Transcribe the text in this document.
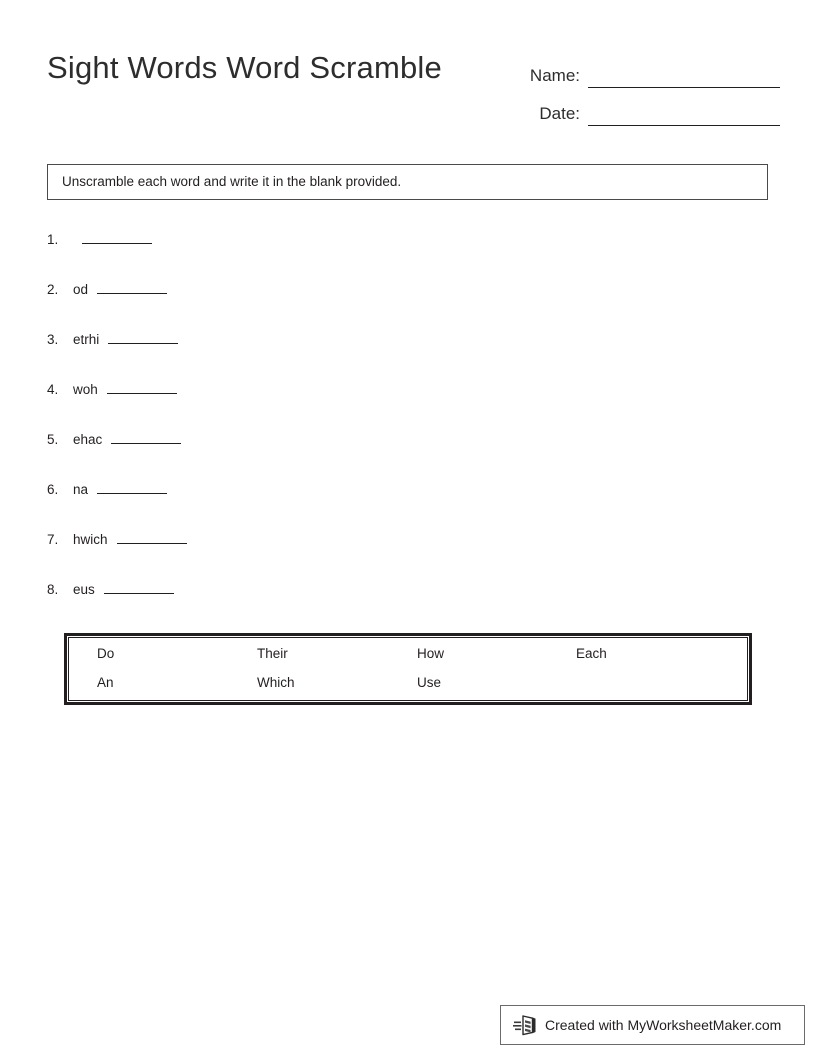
Sight Words Word Scramble	Name:
Date:
Unscramble each word and write it in the blank provided.
1.
2.	od
3.	etrhi
4.	woh
5.	ehac
6.	na
7.	hwich
8.	eus
Do	Their	How	Each
An	Which	Use
Created with MyWorksheetMaker.com
